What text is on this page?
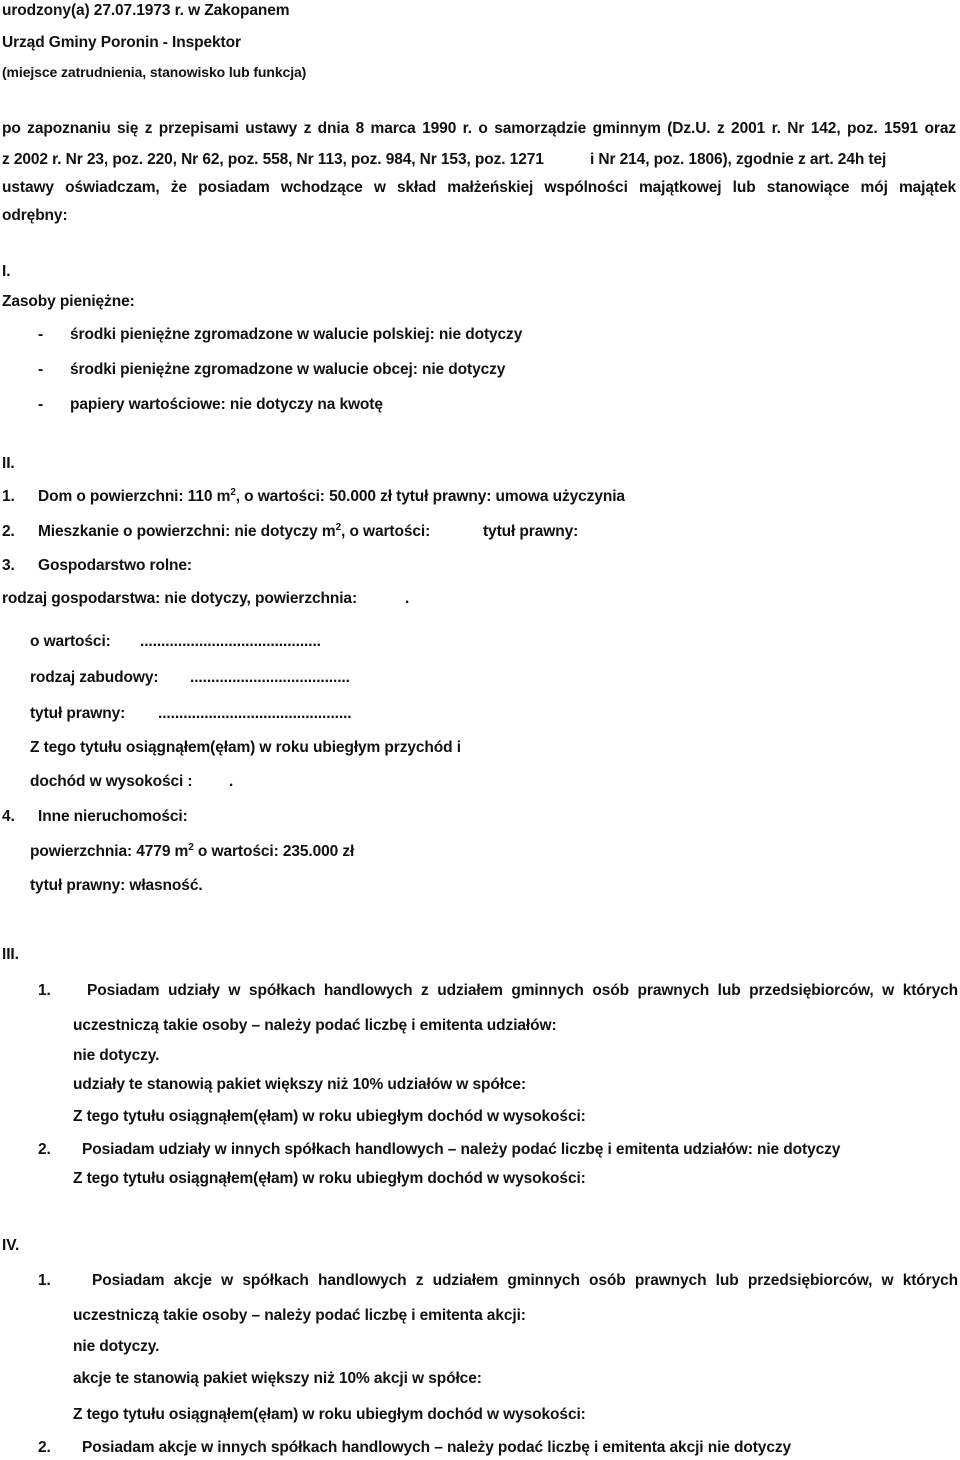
urodzony(a) 27.07.1973 r. w Zakopanem
Urząd Gminy Poronin - Inspektor
(miejsce zatrudnienia, stanowisko lub funkcja)
po zapoznaniu się z przepisami ustawy z dnia 8 marca 1990 r. o samorządzie gminnym (Dz.U. z 2001 r. Nr 142, poz. 1591 oraz
z 2002 r. Nr 23, poz. 220, Nr 62, poz. 558, Nr 113, poz. 984, Nr 153, poz. 1271	i Nr 214, poz. 1806), zgodnie z art. 24h tej
ustawy oświadczam, że posiadam wchodzące w skład małżeńskiej wspólności majątkowej lub stanowiące mój majątek
odrębny:
I.
Zasoby pieniężne:
- środki pieniężne zgromadzone w walucie polskiej: nie dotyczy
- środki pieniężne zgromadzone w walucie obcej: nie dotyczy
- papiery wartościowe: nie dotyczy na kwotę
II.
1. Dom o powierzchni: 110 $m^2$, o wartości: 50.000 zł tytuł prawny: umowa użyczynia
2. Mieszkanie o powierzchni: nie dotyczy $m^2$, o wartości:	tytuł prawny:
3. Gospodarstwo rolne:
rodzaj gospodarstwa: nie dotyczy, powierzchnia:	.
o wartości: ...........................................
rodzaj zabudowy: ......................................
tytuł prawny: ..............................................
Z tego tytułu osiągnąłem(ęłam) w roku ubiegłym przychód i
dochód w wysokości : .
4. Inne nieruchomości:
powierzchnia: 4779 $m^2$ o wartości: 235.000 zł
tytuł prawny: własność.
III.
1. Posiadam udziały w spółkach handlowych z udziałem gminnych osób prawnych lub przedsiębiorców, w których
uczestniczą takie osoby – należy podać liczbę i emitenta udziałów:
nie dotyczy.
udziały te stanowią pakiet większy niż 10% udziałów w spółce:
Z tego tytułu osiągnąłem(ęłam) w roku ubiegłym dochód w wysokości:
2. Posiadam udziały w innych spółkach handlowych – należy podać liczbę i emitenta udziałów: nie dotyczy
Z tego tytułu osiągnąłem(ęłam) w roku ubiegłym dochód w wysokości:
IV.
1.	Posiadam akcje w spółkach handlowych z udziałem gminnych osób prawnych lub przedsiębiorców, w których
uczestniczą takie osoby – należy podać liczbę i emitenta akcji:
nie dotyczy.
akcje te stanowią pakiet większy niż 10% akcji w spółce:
Z tego tytułu osiągnąłem(ęłam) w roku ubiegłym dochód w wysokości:
2. Posiadam akcje w innych spółkach handlowych – należy podać liczbę i emitenta akcji nie dotyczy
